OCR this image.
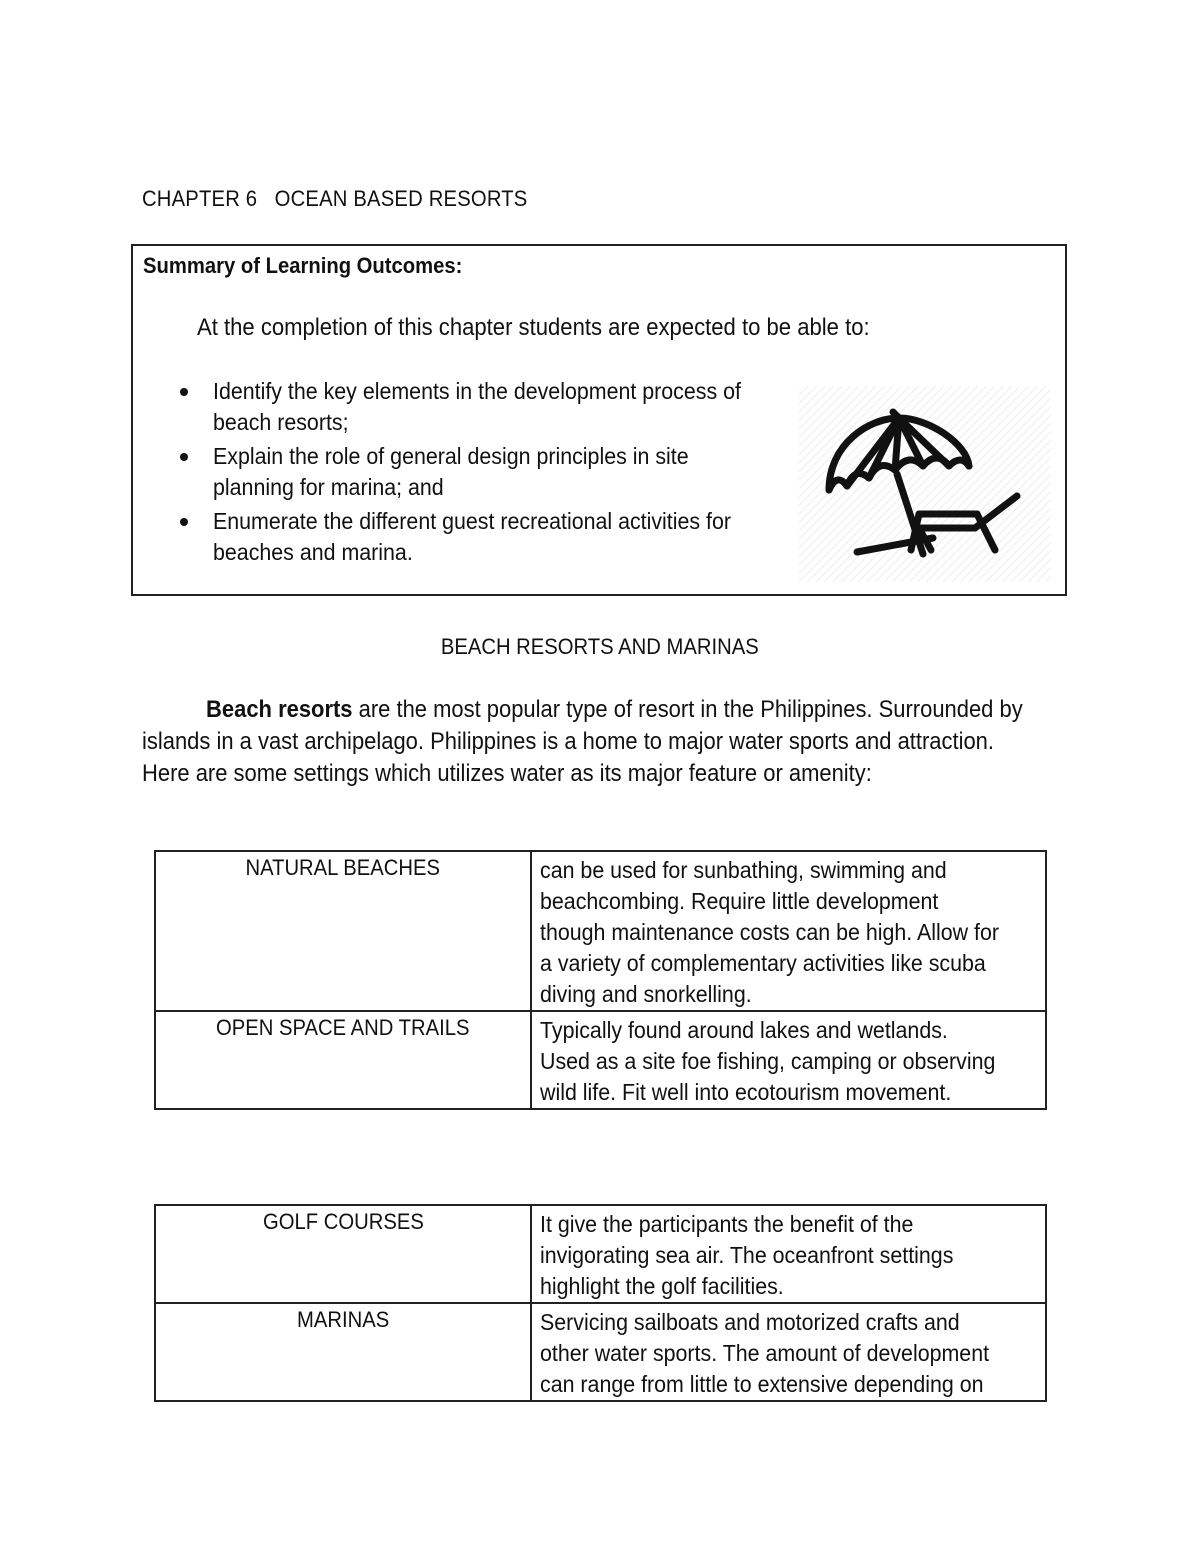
CHAPTER 6   OCEAN BASED RESORTS
Summary of Learning Outcomes:
At the completion of this chapter students are expected to be able to:
Identify the key elements in the development process of
beach resorts;
Explain the role of general design principles in site
planning for marina; and
Enumerate the different guest recreational activities for
beaches and marina.
BEACH RESORTS AND MARINAS
Beach resorts are the most popular type of resort in the Philippines. Surrounded by
islands in a vast archipelago. Philippines is a home to major water sports and attraction.
Here are some settings which utilizes water as its major feature or amenity:
NATURAL BEACHES	can be used for sunbathing, swimming and
beachcombing. Require little development
though maintenance costs can be high. Allow for
a variety of complementary activities like scuba
diving and snorkelling.

OPEN SPACE AND TRAILS	Typically found around lakes and wetlands.
Used as a site foe fishing, camping or observing
wild life. Fit well into ecotourism movement.
GOLF COURSES	It give the participants the benefit of the
invigorating sea air. The oceanfront settings
highlight the golf facilities.

MARINAS	Servicing sailboats and motorized crafts and
other water sports. The amount of development
can range from little to extensive depending on
